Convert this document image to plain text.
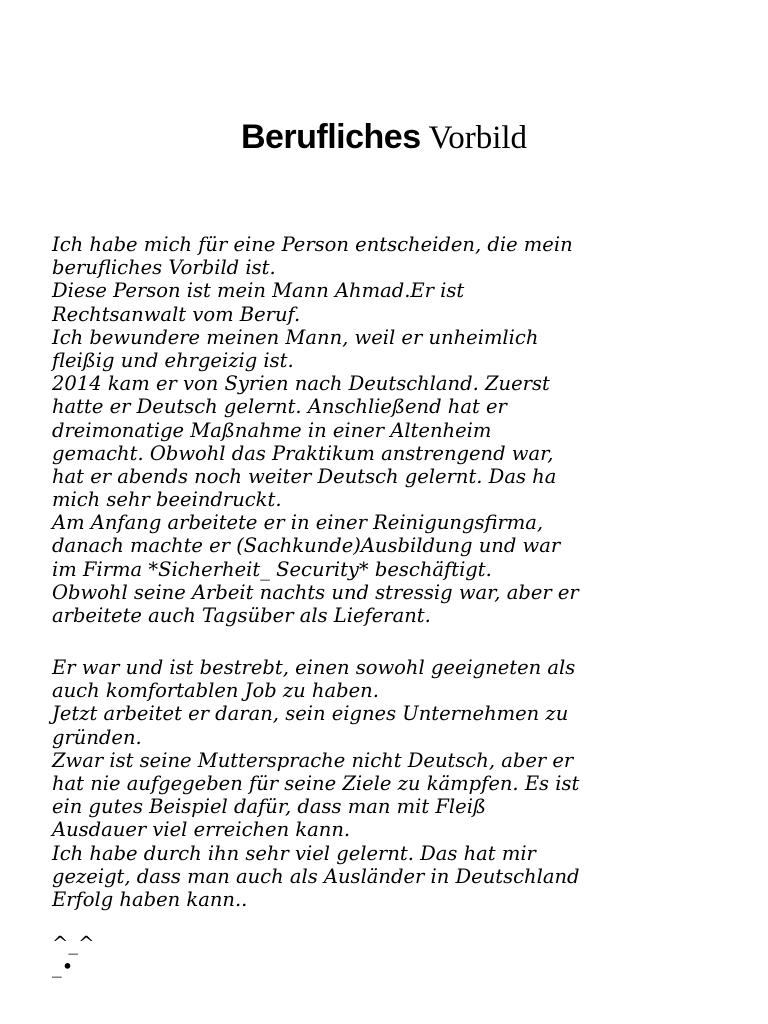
Berufliches Vorbild

Ich habe mich für eine Person entscheiden, die mein
berufliches Vorbild ist.
Diese Person ist mein Mann Ahmad.Er ist
Rechtsanwalt vom Beruf.
Ich bewundere meinen Mann, weil er unheimlich
fleißig und ehrgeizig ist.
2014 kam er von Syrien nach Deutschland. Zuerst
hatte er Deutsch gelernt. Anschließend hat er
dreimonatige Maßnahme in einer Altenheim
gemacht. Obwohl das Praktikum anstrengend war,
hat er abends noch weiter Deutsch gelernt. Das ha
mich sehr beeindruckt.
Am Anfang arbeitete er in einer Reinigungsfirma,
danach machte er (Sachkunde)Ausbildung und war
im Firma *Sicherheit_ Security* beschäftigt.
Obwohl seine Arbeit nachts und stressig war, aber er
arbeitete auch Tagsüber als Lieferant.

Er war und ist bestrebt, einen sowohl geeigneten als
auch komfortablen Job zu haben.
Jetzt arbeitet er daran, sein eignes Unternehmen zu
gründen.
Zwar ist seine Muttersprache nicht Deutsch, aber er
hat nie aufgegeben für seine Ziele zu kämpfen. Es ist
ein gutes Beispiel dafür, dass man mit Fleiß
Ausdauer viel erreichen kann.
Ich habe durch ihn sehr viel gelernt. Das hat mir
gezeigt, dass man auch als Ausländer in Deutschland
Erfolg haben kann..

^_^
_•
